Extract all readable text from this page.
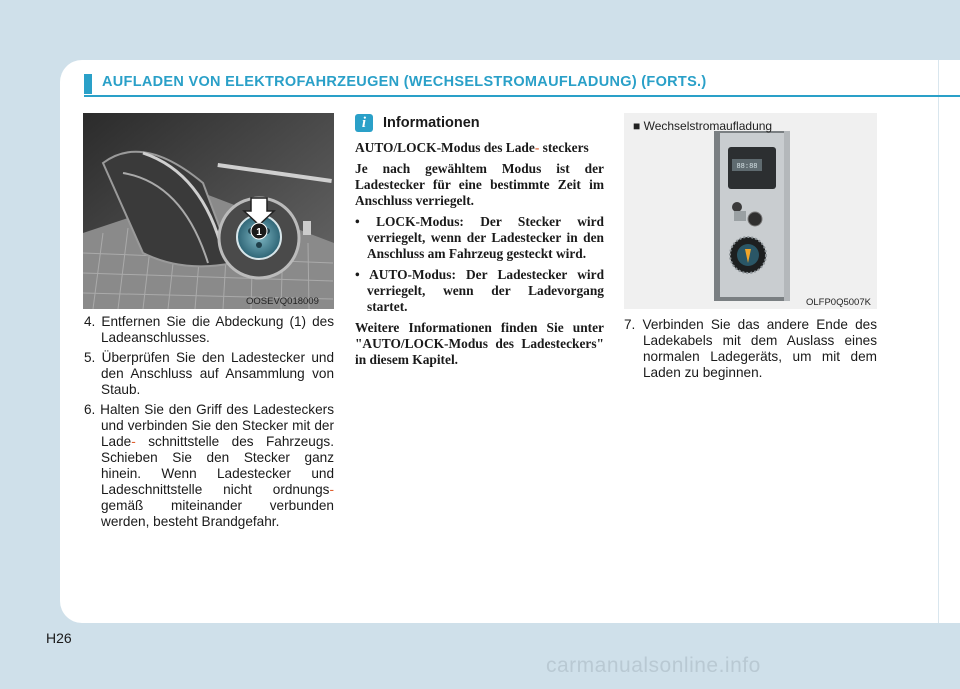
AUFLADEN VON ELEKTROFAHRZEUGEN (WECHSELSTROMAUFLADUNG) (FORTS.)
1
OOSEVQ018009
4. Entfernen Sie die Abdeckung (1) des Ladeanschlusses.
5. Überprüfen Sie den Ladestecker und den Anschluss auf Ansammlung von Staub.
6. Halten Sie den Griff des Ladesteckers und verbinden Sie den Stecker mit der Lade- schnittstelle des Fahrzeugs. Schieben Sie den Stecker ganz hinein. Wenn Ladestecker und Ladeschnittstelle nicht ordnungs- gemäß miteinander verbunden werden, besteht Brandgefahr.
i	Informationen

AUTO/LOCK-Modus des Lade- steckers

Je nach gewähltem Modus ist der Ladestecker für eine bestimmte Zeit im Anschluss verriegelt.

• LOCK-Modus: Der Stecker wird verriegelt, wenn der Ladestecker in den Anschluss am Fahrzeug gesteckt wird.
• AUTO-Modus: Der Ladestecker wird verriegelt, wenn der Ladevorgang startet.

Weitere Informationen finden Sie unter "AUTO/LOCK-Modus des Ladesteckers" in diesem Kapitel.

88:88
■ Wechselstromaufladung
OLFP0Q5007K
7. Verbinden Sie das andere Ende des Ladekabels mit dem Auslass eines normalen Ladegeräts, um mit dem Laden zu beginnen.
H26
carmanualsonline.info
